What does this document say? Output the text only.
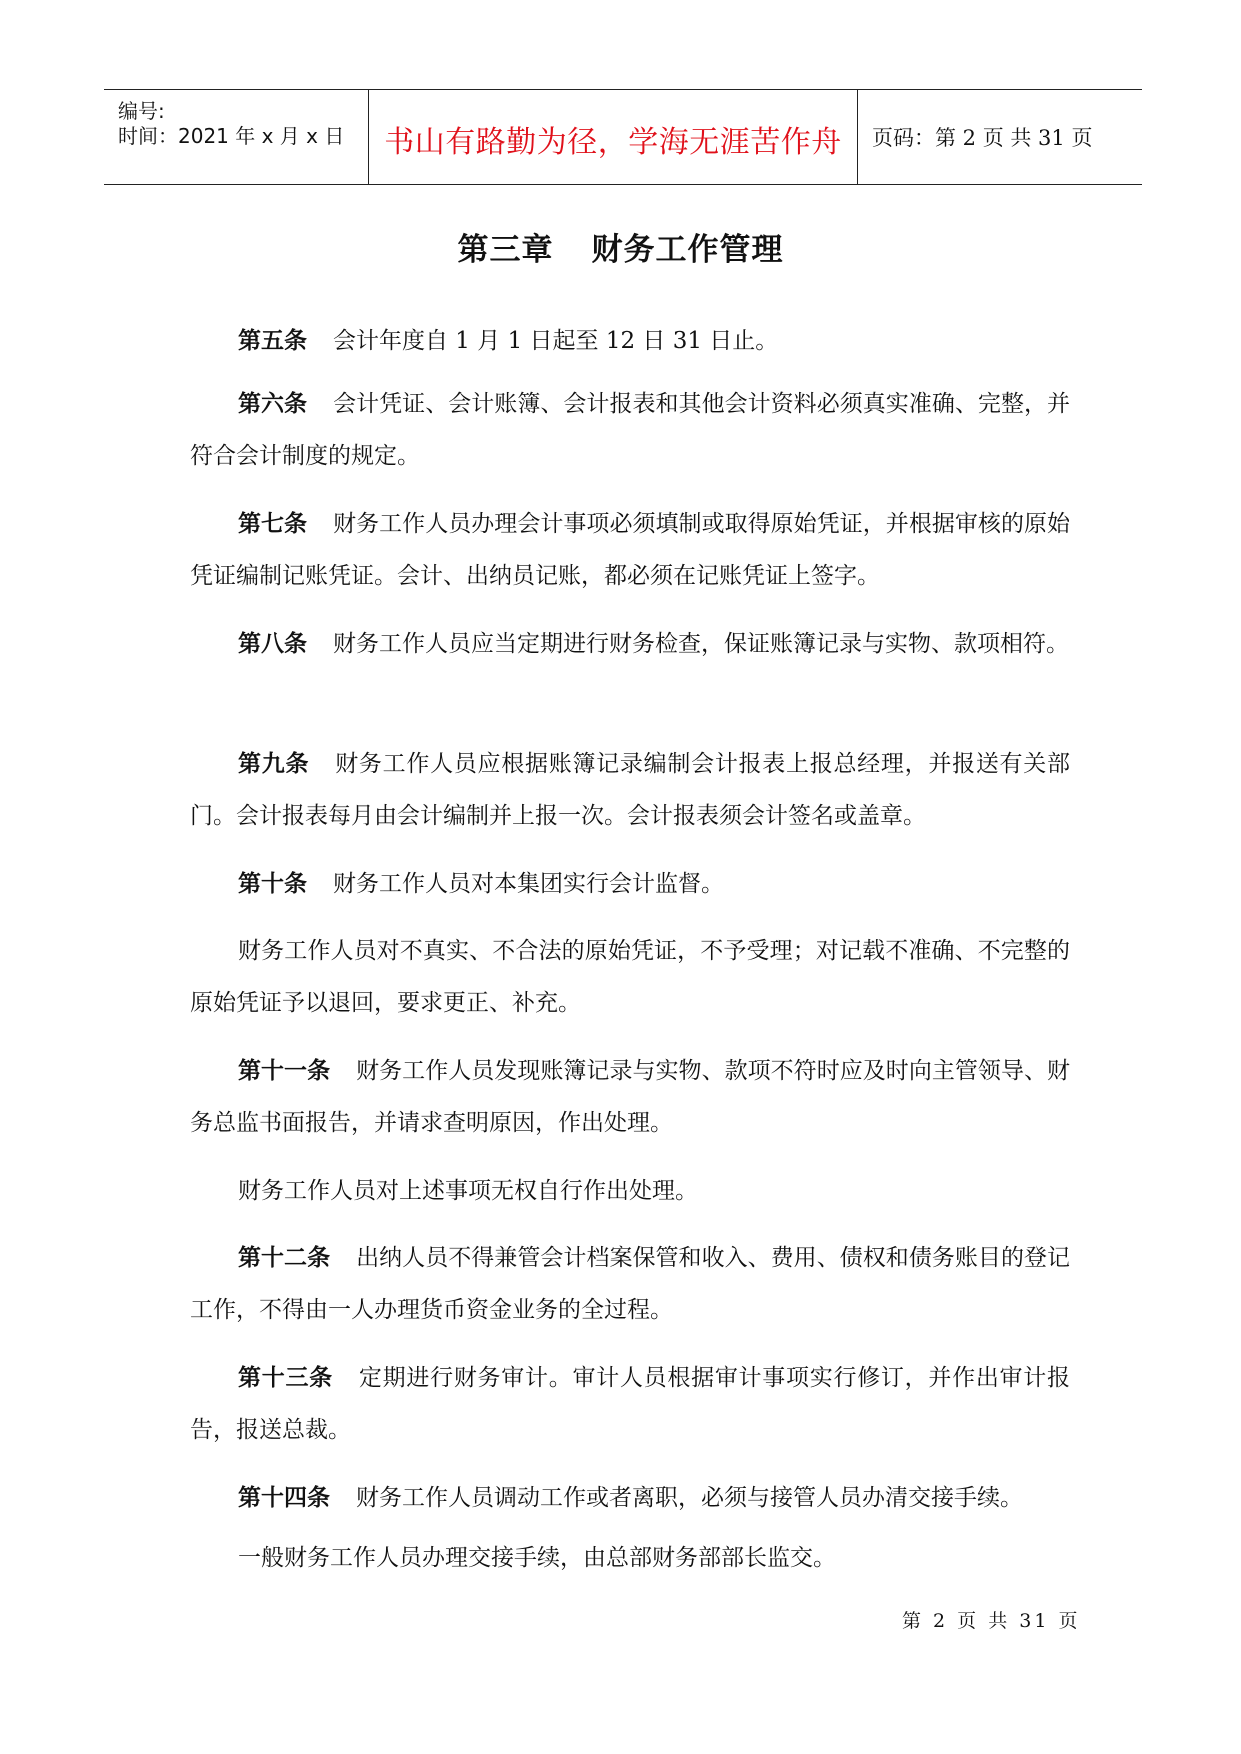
编号:
时间：2021 年 x 月 x 日	书山有路勤为径，学海无涯苦作舟	页码：第 2 页 共 31 页
第三章 财务工作管理

第五条 会计年度自 1 月 1 日起至 12 日 31 日止。

第六条 会计凭证、会计账簿、会计报表和其他会计资料必须真实准确、完整，并符合会计制度的规定。

第七条 财务工作人员办理会计事项必须填制或取得原始凭证，并根据审核的原始凭证编制记账凭证。会计、出纳员记账，都必须在记账凭证上签字。

第八条 财务工作人员应当定期进行财务检查，保证账簿记录与实物、款项相符。

第九条 财务工作人员应根据账簿记录编制会计报表上报总经理，并报送有关部门。会计报表每月由会计编制并上报一次。会计报表须会计签名或盖章。

第十条 财务工作人员对本集团实行会计监督。

财务工作人员对不真实、不合法的原始凭证，不予受理；对记载不准确、不完整的原始凭证予以退回，要求更正、补充。

第十一条 财务工作人员发现账簿记录与实物、款项不符时应及时向主管领导、财务总监书面报告，并请求查明原因，作出处理。

财务工作人员对上述事项无权自行作出处理。

第十二条 出纳人员不得兼管会计档案保管和收入、费用、债权和债务账目的登记工作，不得由一人办理货币资金业务的全过程。

第十三条 定期进行财务审计。审计人员根据审计事项实行修订，并作出审计报告，报送总裁。

第十四条 财务工作人员调动工作或者离职，必须与接管人员办清交接手续。

一般财务工作人员办理交接手续，由总部财务部部长监交。

第 2 页 共 31 页
